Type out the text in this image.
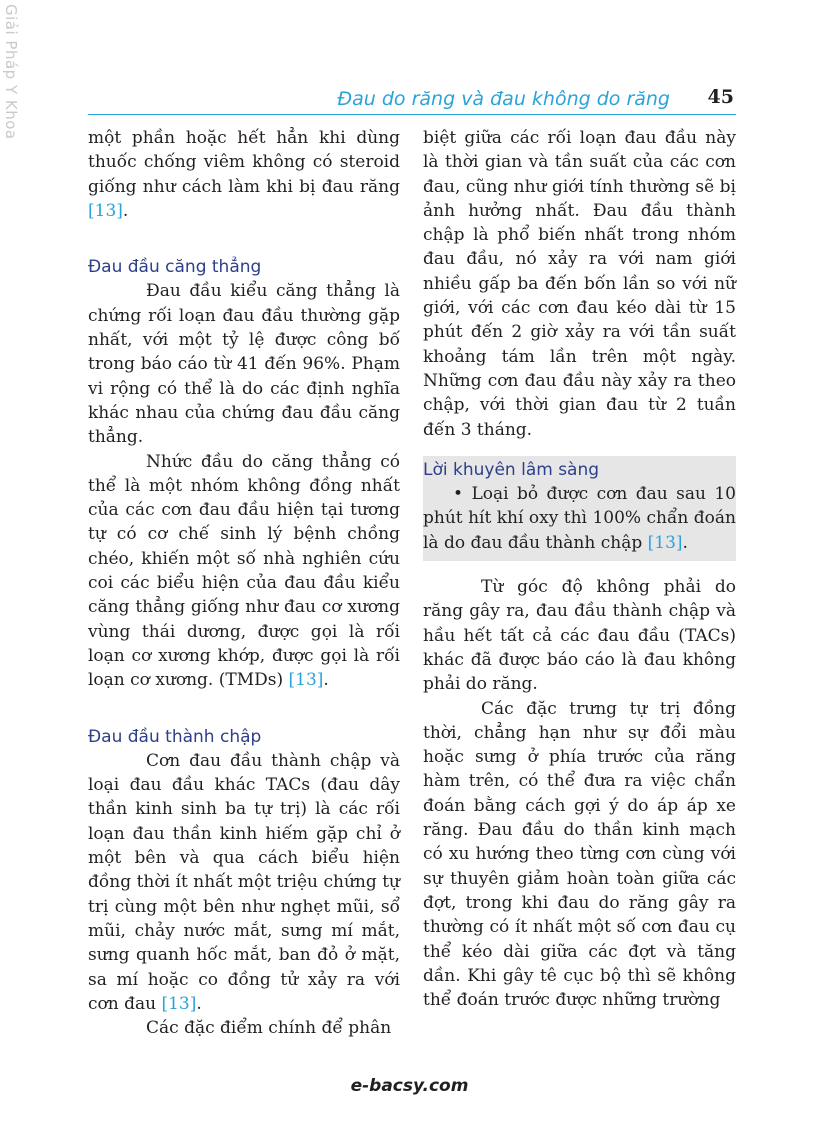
Giải Pháp Y Khoa	Đau do răng và đau không do răng 45

một phần hoặc hết hẳn khi dùng thuốc chống viêm không có steroid giống như cách làm khi bị đau răng [13].

Đau đầu căng thẳng

Đau đầu kiểu căng thẳng là chứng rối loạn đau đầu thường gặp nhất, với một tỷ lệ được công bố trong báo cáo từ 41 đến 96%. Phạm vi rộng có thể là do các định nghĩa khác nhau của chứng đau đầu căng thẳng.

Nhức đầu do căng thẳng có thể là một nhóm không đồng nhất của các cơn đau đầu hiện tại tương tự có cơ chế sinh lý bệnh chồng chéo, khiến một số nhà nghiên cứu coi các biểu hiện của đau đầu kiểu căng thẳng giống như đau cơ xương vùng thái dương, được gọi là rối loạn cơ xương khớp, được gọi là rối loạn cơ xương. (TMDs) [13].

Đau đầu thành chập

Cơn đau đầu thành chập và loại đau đầu khác TACs (đau dây thần kinh sinh ba tự trị) là các rối loạn đau thần kinh hiếm gặp chỉ ở một bên và qua cách biểu hiện đồng thời ít nhất một triệu chứng tự trị cùng một bên như nghẹt mũi, sổ mũi, chảy nước mắt, sưng mí mắt, sưng quanh hốc mắt, ban đỏ ở mặt, sa mí hoặc co đồng tử xảy ra với cơn đau [13].

Các đặc điểm chính để phân

biệt giữa các rối loạn đau đầu này là thời gian và tần suất của các cơn đau, cũng như giới tính thường sẽ bị ảnh hưởng nhất. Đau đầu thành chập là phổ biến nhất trong nhóm đau đầu, nó xảy ra với nam giới nhiều gấp ba đến bốn lần so với nữ giới, với các cơn đau kéo dài từ 15 phút đến 2 giờ xảy ra với tần suất khoảng tám lần trên một ngày. Những cơn đau đầu này xảy ra theo chập, với thời gian đau từ 2 tuần đến 3 tháng.

Lời khuyên lâm sàng

• Loại bỏ được cơn đau sau 10 phút hít khí oxy thì 100% chẩn đoán là do đau đầu thành chập [13].

Từ góc độ không phải do răng gây ra, đau đầu thành chập và hầu hết tất cả các đau đầu (TACs) khác đã được báo cáo là đau không phải do răng.

Các đặc trưng tự trị đồng thời, chẳng hạn như sự đổi màu hoặc sưng ở phía trước của răng hàm trên, có thể đưa ra việc chẩn đoán bằng cách gợi ý do áp áp xe răng. Đau đầu do thần kinh mạch có xu hướng theo từng cơn cùng với sự thuyên giảm hoàn toàn giữa các đợt, trong khi đau do răng gây ra thường có ít nhất một số cơn đau cụ thể kéo dài giữa các đợt và tăng dần. Khi gây tê cục bộ thì sẽ không thể đoán trước được những trường

e-bacsy.com
